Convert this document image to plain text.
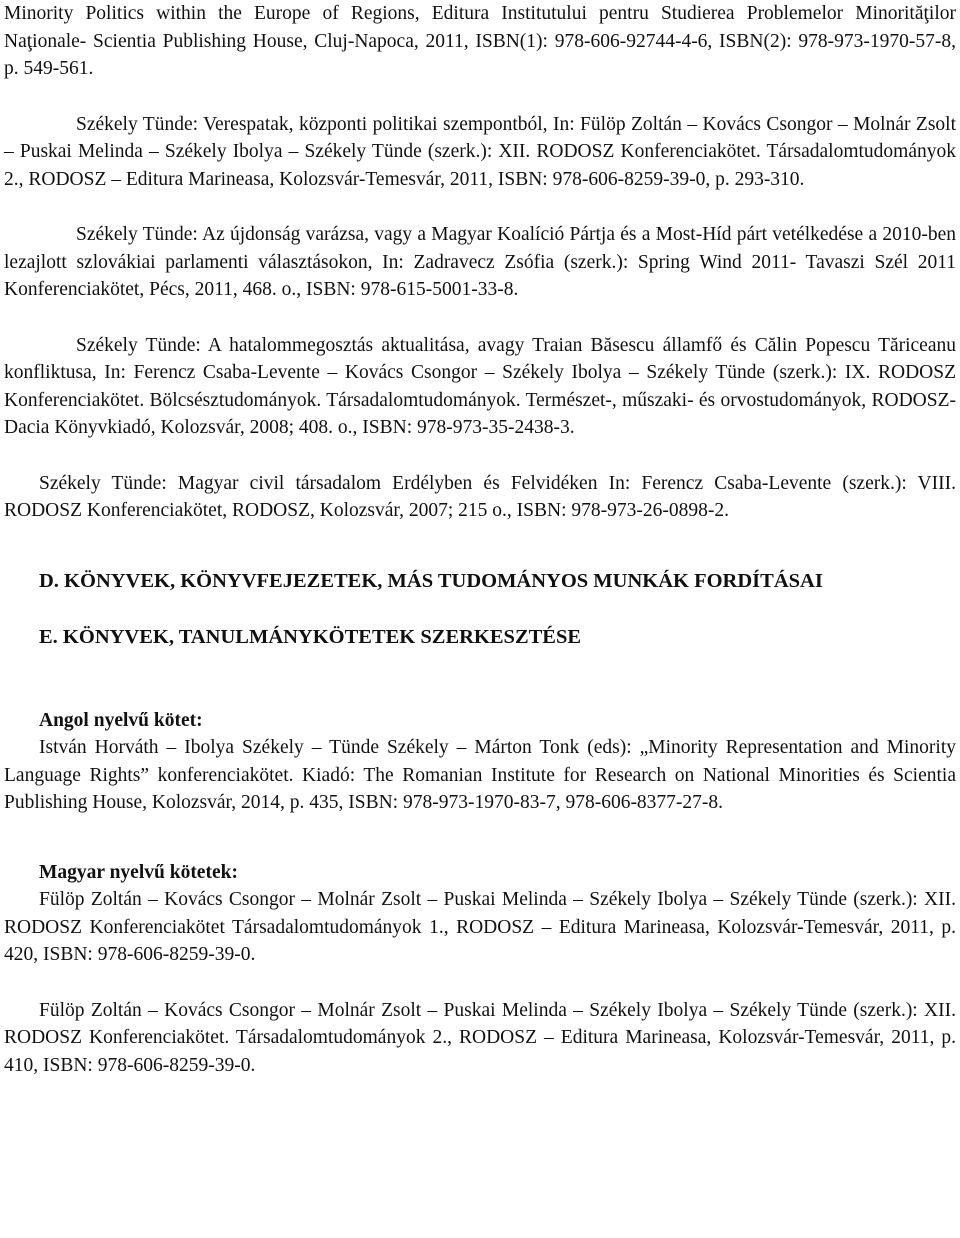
Minority Politics within the Europe of Regions, Editura Institutului pentru Studierea Problemelor Minorităţilor Naţionale- Scientia Publishing House, Cluj-Napoca, 2011, ISBN(1): 978-606-92744-4-6, ISBN(2): 978-973-1970-57-8, p. 549-561.

Székely Tünde: Verespatak, központi politikai szempontból, In: Fülöp Zoltán – Kovács Csongor – Molnár Zsolt – Puskai Melinda – Székely Ibolya – Székely Tünde (szerk.): XII. RODOSZ Konferenciakötet. Társadalomtudományok 2., RODOSZ – Editura Marineasa, Kolozsvár-Temesvár, 2011, ISBN: 978-606-8259-39-0, p. 293-310.

Székely Tünde: Az újdonság varázsa, vagy a Magyar Koalíció Pártja és a Most-Híd párt vetélkedése a 2010-ben lezajlott szlovákiai parlamenti választásokon, In: Zadravecz Zsófia (szerk.): Spring Wind 2011- Tavaszi Szél 2011 Konferenciakötet, Pécs, 2011, 468. o., ISBN: 978-615-5001-33-8.

Székely Tünde: A hatalommegosztás aktualitása, avagy Traian Băsescu államfő és Călin Popescu Tăriceanu konfliktusa, In: Ferencz Csaba-Levente – Kovács Csongor – Székely Ibolya – Székely Tünde (szerk.): IX. RODOSZ Konferenciakötet. Bölcsésztudományok. Társadalomtudományok. Természet-, műszaki- és orvostudományok, RODOSZ-Dacia Könyvkiadó, Kolozsvár, 2008; 408. o., ISBN: 978-973-35-2438-3.

Székely Tünde: Magyar civil társadalom Erdélyben és Felvidéken In: Ferencz Csaba-Levente (szerk.): VIII. RODOSZ Konferenciakötet, RODOSZ, Kolozsvár, 2007; 215 o., ISBN: 978-973-26-0898-2.

D. KÖNYVEK, KÖNYVFEJEZETEK, MÁS TUDOMÁNYOS MUNKÁK FORDÍTÁSAI
E. KÖNYVEK, TANULMÁNYKÖTETEK SZERKESZTÉSE

Angol nyelvű kötet:

István Horváth – Ibolya Székely – Tünde Székely – Márton Tonk (eds): „Minority Representation and Minority Language Rights” konferenciakötet. Kiadó: The Romanian Institute for Research on National Minorities és Scientia Publishing House, Kolozsvár, 2014, p. 435, ISBN: 978-973-1970-83-7, 978-606-8377-27-8.

Magyar nyelvű kötetek:

Fülöp Zoltán – Kovács Csongor – Molnár Zsolt – Puskai Melinda – Székely Ibolya – Székely Tünde (szerk.): XII. RODOSZ Konferenciakötet Társadalomtudományok 1., RODOSZ – Editura Marineasa, Kolozsvár-Temesvár, 2011, p. 420, ISBN: 978-606-8259-39-0.

Fülöp Zoltán – Kovács Csongor – Molnár Zsolt – Puskai Melinda – Székely Ibolya – Székely Tünde (szerk.): XII. RODOSZ Konferenciakötet. Társadalomtudományok 2., RODOSZ – Editura Marineasa, Kolozsvár-Temesvár, 2011, p. 410, ISBN: 978-606-8259-39-0.
